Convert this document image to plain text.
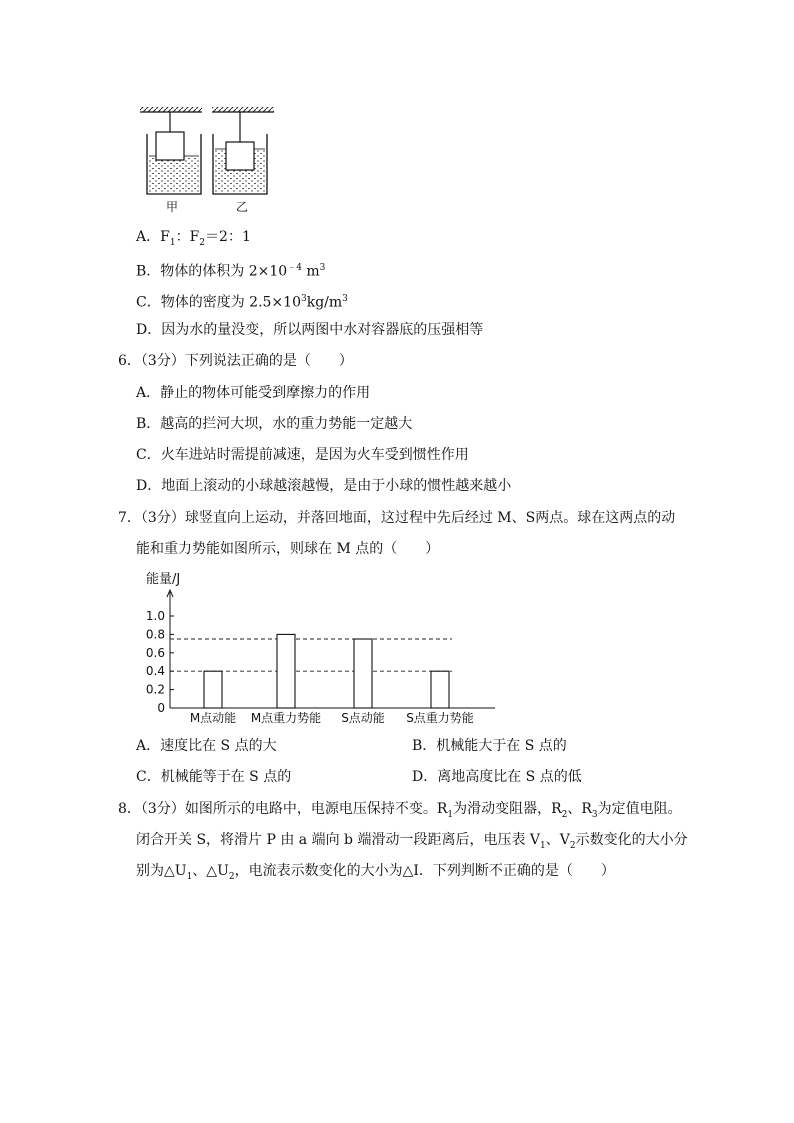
甲	乙
A．$F_1$：$F_2=2$：1
B．物体的体积为 $2\times 10^{﹣4}$ $m^3$
C．物体的密度为 $2.5\times 10^3kg/m^3$
D．因为水的量没变，所以两图中水对容器底的压强相等
6．（3分）下列说法正确的是（　　）
A．静止的物体可能受到摩擦力的作用
B．越高的拦河大坝，水的重力势能一定越大
C．火车进站时需提前减速，是因为火车受到惯性作用
D．地面上滚动的小球越滚越慢，是由于小球的惯性越来越小
7．（3分）球竖直向上运动，并落回地面，这过程中先后经过 M、S两点。球在这两点的动
能和重力势能如图所示，则球在 M 点的（　　）
能量/J
1.0
0.8
0.6
0.4
0.2
0
M点动能 M点重力势能 S点动能 S点重力势能
A．速度比在 S 点的大	B．机械能大于在 S 点的
C．机械能等于在 S 点的	D．离地高度比在 S 点的低
8．（3分）如图所示的电路中，电源电压保持不变。$R_1$为滑动变阻器，$R_2$、$R_3$为定值电阻。
闭合开关 S，将滑片 P 由 a 端向 b 端滑动一段距离后，电压表 $V_1$、$V_2$示数变化的大小分
别为$\triangle U_1$、$\triangle U_2$，电流表示数变化的大小为△I．下列判断不正确的是（　　）
